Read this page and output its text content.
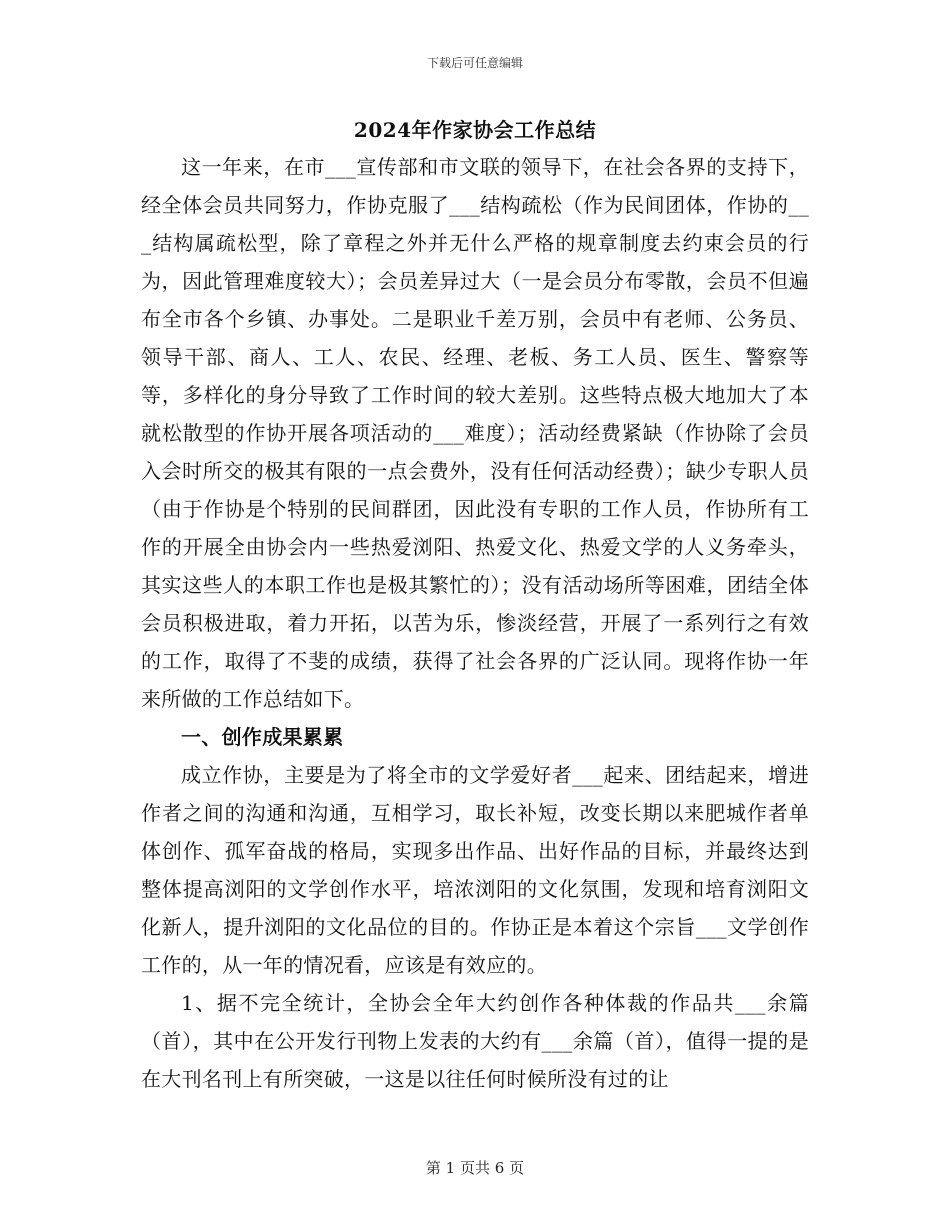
下载后可任意编辑
2024年作家协会工作总结

这一年来，在市___宣传部和市文联的领导下，在社会各界的支持下，经全体会员共同努力，作协克服了___结构疏松（作为民间团体，作协的___结构属疏松型，除了章程之外并无什么严格的规章制度去约束会员的行为，因此管理难度较大）；会员差异过大（一是会员分布零散，会员不但遍布全市各个乡镇、办事处。二是职业千差万别，会员中有老师、公务员、领导干部、商人、工人、农民、经理、老板、务工人员、医生、警察等等，多样化的身分导致了工作时间的较大差别。这些特点极大地加大了本就松散型的作协开展各项活动的___难度）；活动经费紧缺（作协除了会员入会时所交的极其有限的一点会费外，没有任何活动经费）；缺少专职人员（由于作协是个特别的民间群团，因此没有专职的工作人员，作协所有工作的开展全由协会内一些热爱浏阳、热爱文化、热爱文学的人义务牵头，其实这些人的本职工作也是极其繁忙的）；没有活动场所等困难，团结全体会员积极进取，着力开拓，以苦为乐，惨淡经营，开展了一系列行之有效的工作，取得了不斐的成绩，获得了社会各界的广泛认同。现将作协一年来所做的工作总结如下。

一、创作成果累累

成立作协，主要是为了将全市的文学爱好者___起来、团结起来，增进作者之间的沟通和沟通，互相学习，取长补短，改变长期以来肥城作者单体创作、孤军奋战的格局，实现多出作品、出好作品的目标，并最终达到整体提高浏阳的文学创作水平，培浓浏阳的文化氛围，发现和培育浏阳文化新人，提升浏阳的文化品位的目的。作协正是本着这个宗旨___文学创作工作的，从一年的情况看，应该是有效应的。

1、据不完全统计，全协会全年大约创作各种体裁的作品共___余篇（首），其中在公开发行刊物上发表的大约有___余篇（首），值得一提的是在大刊名刊上有所突破，一这是以往任何时候所没有过的让

第 1 页共 6 页
